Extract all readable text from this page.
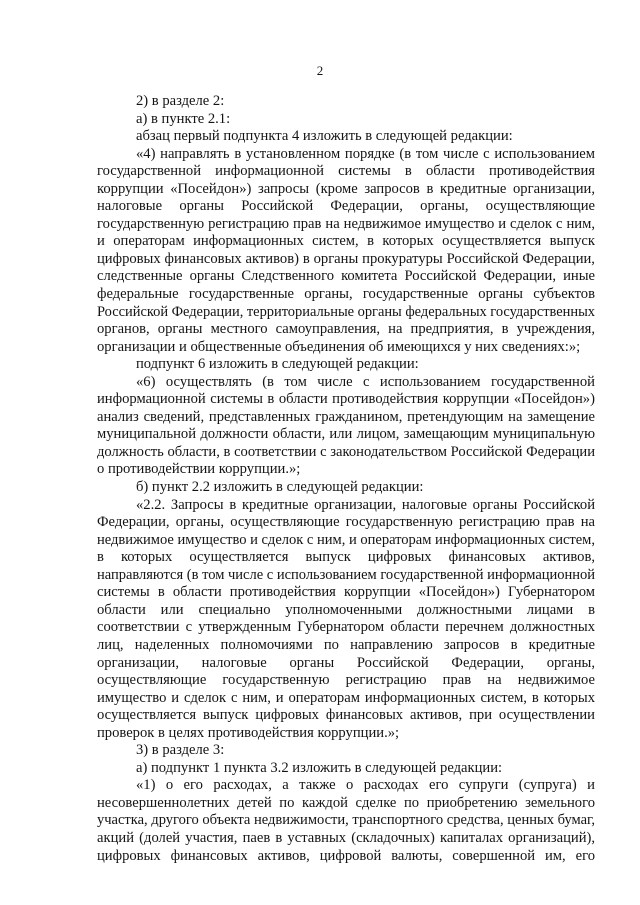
2
2) в разделе 2:
а) в пункте 2.1:
абзац первый подпункта 4 изложить в следующей редакции:
«4) направлять в установленном порядке (в том числе с использованием
государственной информационной системы в области противодействия
коррупции «Посейдон») запросы (кроме запросов в кредитные организации,
налоговые органы Российской Федерации, органы, осуществляющие
государственную регистрацию прав на недвижимое имущество и сделок с ним,
и операторам информационных систем, в которых осуществляется выпуск
цифровых финансовых активов) в органы прокуратуры Российской Федерации,
следственные органы Следственного комитета Российской Федерации, иные
федеральные государственные органы, государственные органы субъектов
Российской Федерации, территориальные органы федеральных государственных
органов, органы местного самоуправления, на предприятия, в учреждения,
организации и общественные объединения об имеющихся у них сведениях:»;
подпункт 6 изложить в следующей редакции:
«6) осуществлять (в том числе с использованием государственной
информационной системы в области противодействия коррупции «Посейдон»)
анализ сведений, представленных гражданином, претендующим на замещение
муниципальной должности области, или лицом, замещающим муниципальную
должность области, в соответствии с законодательством Российской Федерации
о противодействии коррупции.»;
б) пункт 2.2 изложить в следующей редакции:
«2.2. Запросы в кредитные организации, налоговые органы Российской
Федерации, органы, осуществляющие государственную регистрацию прав на
недвижимое имущество и сделок с ним, и операторам информационных систем,
в которых осуществляется выпуск цифровых финансовых активов,
направляются (в том числе с использованием государственной информационной
системы в области противодействия коррупции «Посейдон») Губернатором
области или специально уполномоченными должностными лицами в
соответствии с утвержденным Губернатором области перечнем должностных
лиц, наделенных полномочиями по направлению запросов в кредитные
организации, налоговые органы Российской Федерации, органы,
осуществляющие государственную регистрацию прав на недвижимое
имущество и сделок с ним, и операторам информационных систем, в которых
осуществляется выпуск цифровых финансовых активов, при осуществлении
проверок в целях противодействия коррупции.»;
3) в разделе 3:
а) подпункт 1 пункта 3.2 изложить в следующей редакции:
«1) о его расходах, а также о расходах его супруги (супруга) и
несовершеннолетних детей по каждой сделке по приобретению земельного
участка, другого объекта недвижимости, транспортного средства, ценных бумаг,
акций (долей участия, паев в уставных (складочных) капиталах организаций),
цифровых финансовых активов, цифровой валюты, совершенной им, его
